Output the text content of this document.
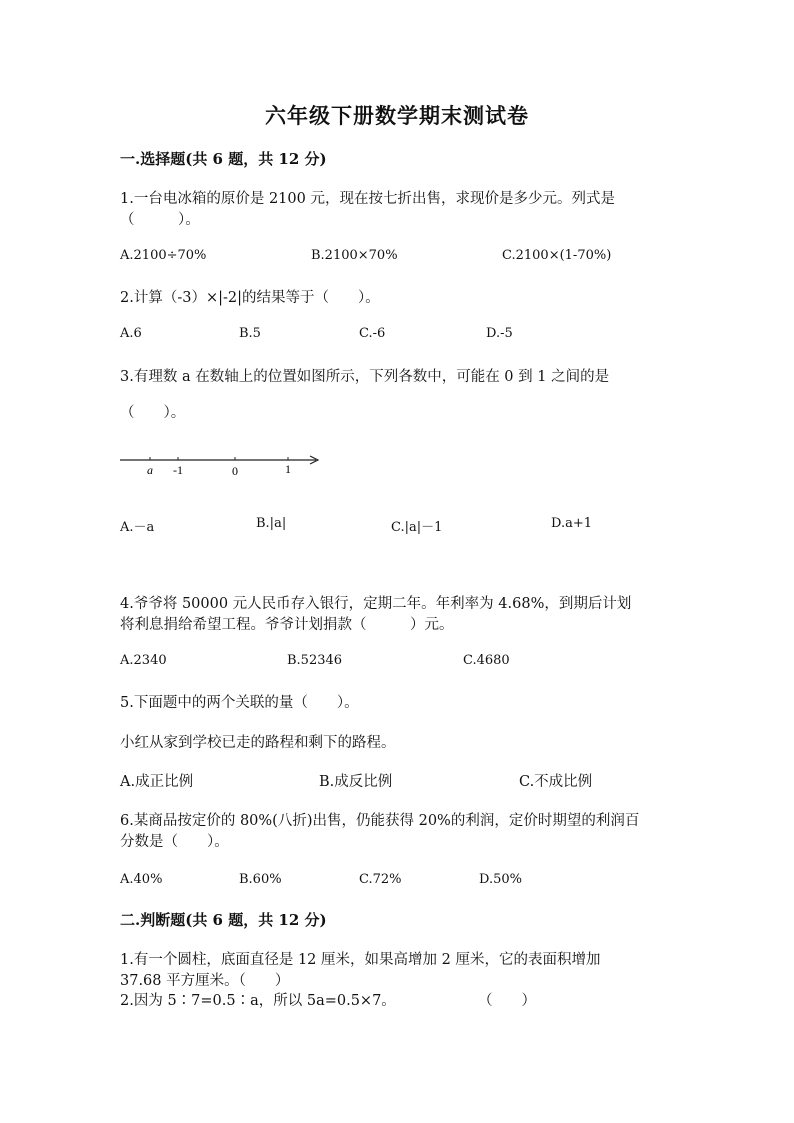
六年级下册数学期末测试卷
一.选择题(共 6 题，共 12 分)
1.一台电冰箱的原价是 2100 元，现在按七折出售，求现价是多少元。列式是
（　　　）。
A.2100÷70%	B.2100×70%	C.2100×(1-70%)
2.计算（-3）×|-2|的结果等于（　　）。
A.6	B.5	C.-6	D.-5
3.有理数 a 在数轴上的位置如图所示，下列各数中，可能在 0 到 1 之间的是
（　　）。
a -1	0	1
A.－a	B.|a|	C.|a|－1	D.a+1
4.爷爷将 50000 元人民币存入银行，定期二年。年利率为 4.68%，到期后计划
将利息捐给希望工程。爷爷计划捐款（　　　）元。
A.2340	B.52346	C.4680
5.下面题中的两个关联的量（　　）。
小红从家到学校已走的路程和剩下的路程。
A.成正比例	B.成反比例	C.不成比例
6.某商品按定价的 80%(八折)出售，仍能获得 20%的利润，定价时期望的利润百
分数是（　　）。
A.40%	B.60%	C.72%	D.50%
二.判断题(共 6 题，共 12 分)
1.有一个圆柱，底面直径是 12 厘米，如果高增加 2 厘米，它的表面积增加
37.68 平方厘米。（　　）
2.因为 5∶7=0.5∶a，所以 5a=0.5×7。	（　　）
